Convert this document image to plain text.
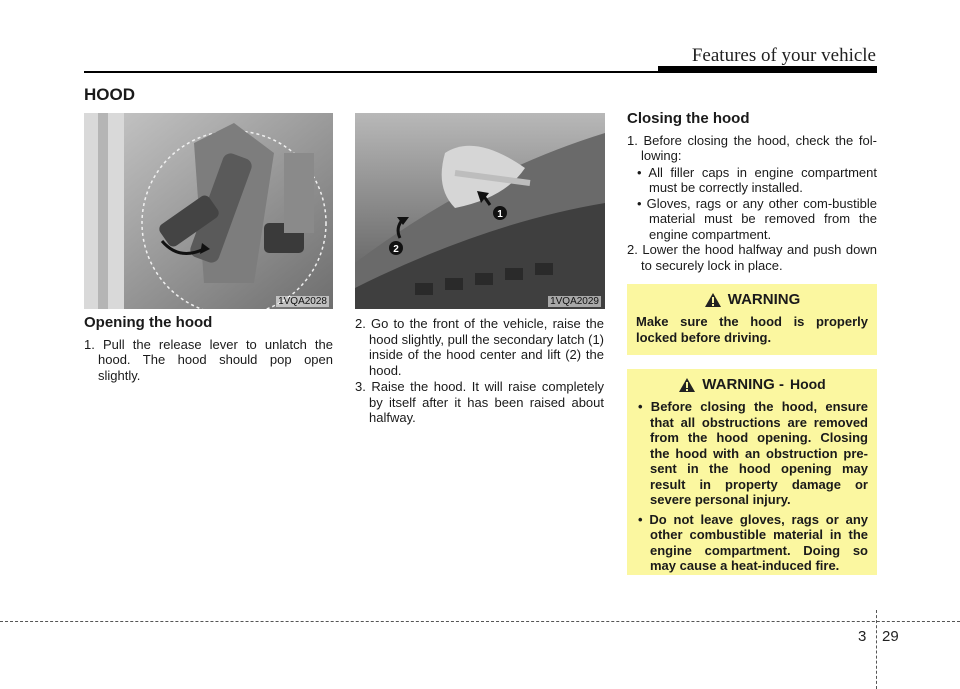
Features of your vehicle
HOOD
1VQA2028
1
2
1VQA2029
Opening the hood

1. Pull the release lever to unlatch the hood. The hood should pop open slightly.

2. Go to the front of the vehicle, raise the hood slightly, pull the secondary latch (1) inside of the hood center and lift (2) the hood.

3. Raise the hood. It will raise completely by itself after it has been raised about halfway.

Closing the hood

1. Before closing the hood, check the fol-lowing:

• All filler caps in engine compartment must be correctly installed.

• Gloves, rags or any other com-bustible material must be removed from the engine compartment.

2. Lower the hood halfway and push down to securely lock in place.

WARNING
Make sure the hood is properly locked before driving.
WARNING - Hood

• Before closing the hood, ensure that all obstructions are removed from the hood opening. Closing the hood with an obstruction pre-sent in the hood opening may result in property damage or severe personal injury.

• Do not leave gloves, rags or any other combustible material in the engine compartment. Doing so may cause a heat-induced fire.

3 29
